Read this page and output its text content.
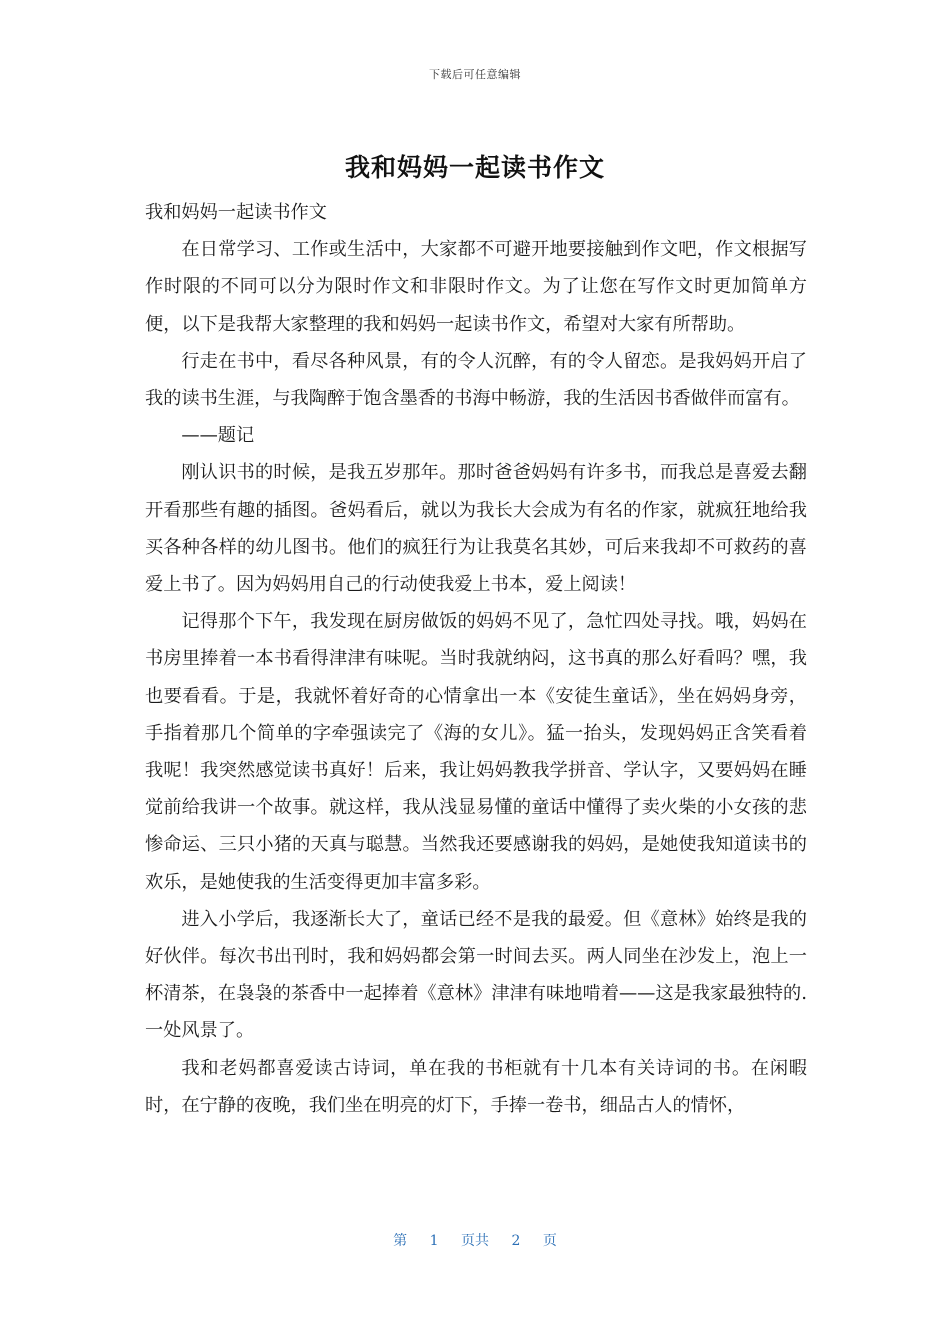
下载后可任意编辑
我和妈妈一起读书作文

我和妈妈一起读书作文

在日常学习、工作或生活中，大家都不可避开地要接触到作文吧，作文根据写作时限的不同可以分为限时作文和非限时作文。为了让您在写作文时更加简单方便，以下是我帮大家整理的我和妈妈一起读书作文，希望对大家有所帮助。

行走在书中，看尽各种风景，有的令人沉醉，有的令人留恋。是我妈妈开启了我的读书生涯，与我陶醉于饱含墨香的书海中畅游，我的生活因书香做伴而富有。

——题记

刚认识书的时候，是我五岁那年。那时爸爸妈妈有许多书，而我总是喜爱去翻开看那些有趣的插图。爸妈看后，就以为我长大会成为有名的作家，就疯狂地给我买各种各样的幼儿图书。他们的疯狂行为让我莫名其妙，可后来我却不可救药的喜爱上书了。因为妈妈用自己的行动使我爱上书本，爱上阅读！

记得那个下午，我发现在厨房做饭的妈妈不见了，急忙四处寻找。哦，妈妈在书房里捧着一本书看得津津有味呢。当时我就纳闷，这书真的那么好看吗？嘿，我也要看看。于是，我就怀着好奇的心情拿出一本《安徒生童话》，坐在妈妈身旁，手指着那几个简单的字牵强读完了《海的女儿》。猛一抬头，发现妈妈正含笑看着我呢！我突然感觉读书真好！后来，我让妈妈教我学拼音、学认字，又要妈妈在睡觉前给我讲一个故事。就这样，我从浅显易懂的童话中懂得了卖火柴的小女孩的悲惨命运、三只小猪的天真与聪慧。当然我还要感谢我的妈妈，是她使我知道读书的欢乐，是她使我的生活变得更加丰富多彩。

进入小学后，我逐渐长大了，童话已经不是我的最爱。但《意林》始终是我的好伙伴。每次书出刊时，我和妈妈都会第一时间去买。两人同坐在沙发上，泡上一杯清茶，在袅袅的茶香中一起捧着《意林》津津有味地啃着——这是我家最独特的.一处风景了。

我和老妈都喜爱读古诗词，单在我的书柜就有十几本有关诗词的书。在闲暇时，在宁静的夜晚，我们坐在明亮的灯下，手捧一卷书，细品古人的情怀，

第 1 页共 2 页
